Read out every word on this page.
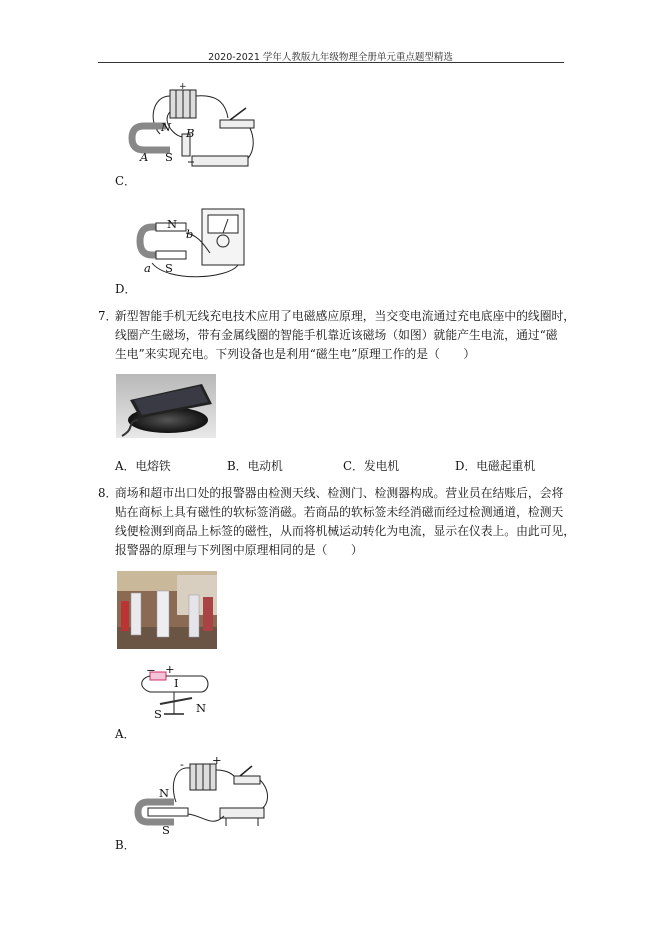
2020-2021 学年人教版九年级物理全册单元重点题型精选
+
N B
A S
C．
N
b
a S
D．
7．
新型智能手机无线充电技术应用了电磁感应原理，当交变电流通过充电底座中的线圈时，
线圈产生磁场，带有金属线圈的智能手机靠近该磁场（如图）就能产生电流，通过“磁
生电”来实现充电。下列设备也是利用“磁生电”原理工作的是（　　）
A．电熔铁	B．电动机	C．发电机	D．电磁起重机
8．
商场和超市出口处的报警器由检测天线、检测门、检测器构成。营业员在结账后，会将
贴在商标上具有磁性的软标签消磁。若商品的软标签未经消磁而经过检测通道，检测天
线便检测到商品上标签的磁性，从而将机械运动转化为电流，显示在仪表上。由此可见，
报警器的原理与下列图中原理相同的是（　　）
− +
I
S	N
A．
- +
N
S
B．
